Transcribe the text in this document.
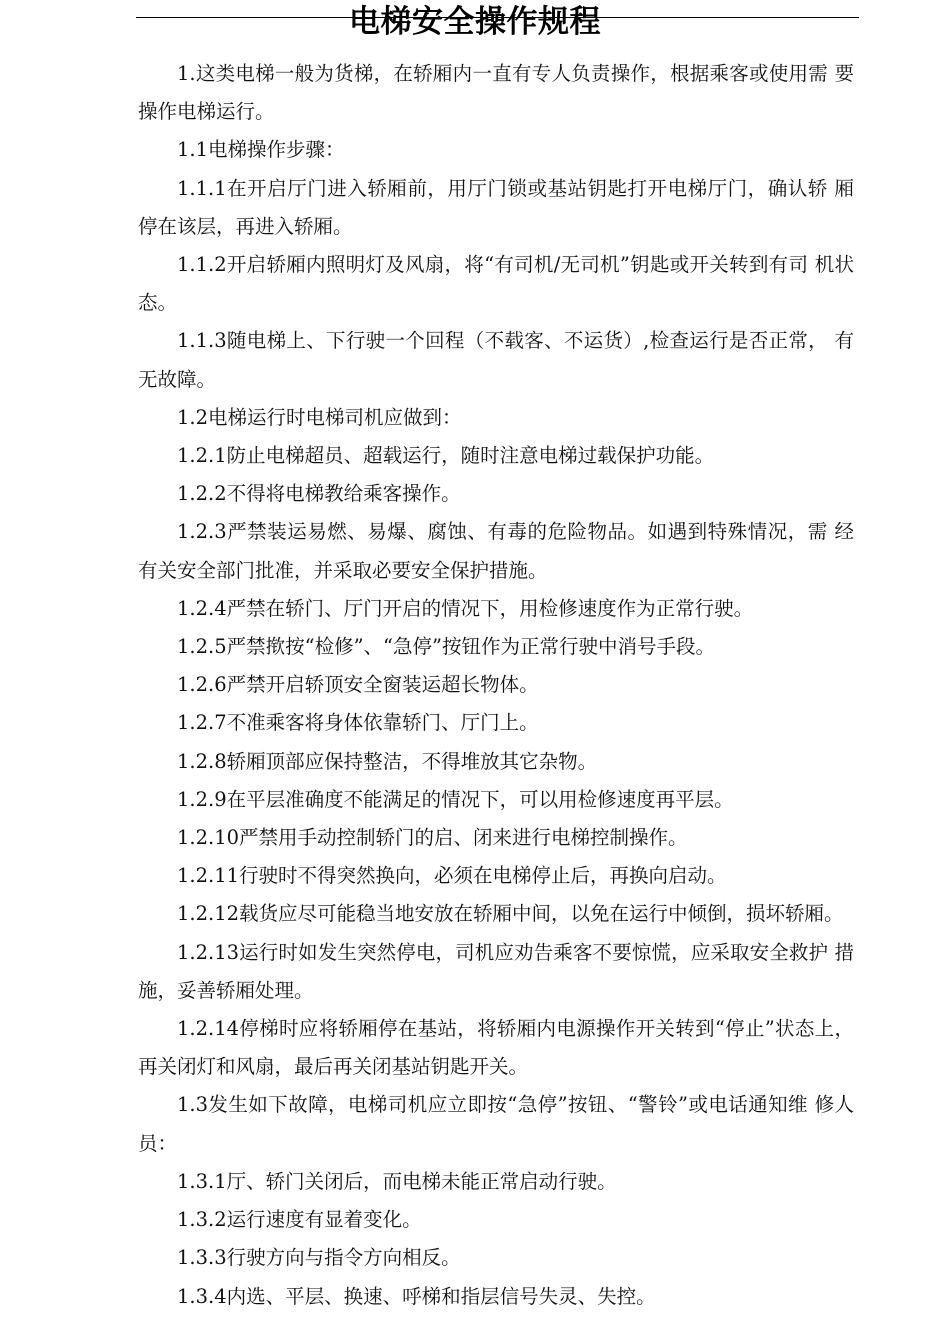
电梯安全操作规程

1.这类电梯一般为货梯，在轿厢内一直有专人负责操作，根据乘客或使用需 要操作电梯运行。

1.1电梯操作步骤：

1.1.1在开启厅门进入轿厢前，用厅门锁或基站钥匙打开电梯厅门，确认轿 厢停在该层，再进入轿厢。

1.1.2开启轿厢内照明灯及风扇，将“有司机/无司机”钥匙或开关转到有司 机状态。

1.1.3随电梯上、下行驶一个回程（不载客、不运货）,检查运行是否正常， 有无故障。

1.2电梯运行时电梯司机应做到：

1.2.1防止电梯超员、超载运行，随时注意电梯过载保护功能。

1.2.2不得将电梯教给乘客操作。

1.2.3严禁装运易燃、易爆、腐蚀、有毒的危险物品。如遇到特殊情况，需 经有关安全部门批准，并采取必要安全保护措施。

1.2.4严禁在轿门、厅门开启的情况下，用检修速度作为正常行驶。

1.2.5严禁揿按“检修”、“急停”按钮作为正常行驶中消号手段。

1.2.6严禁开启轿顶安全窗装运超长物体。

1.2.7不准乘客将身体依靠轿门、厅门上。

1.2.8轿厢顶部应保持整洁，不得堆放其它杂物。

1.2.9在平层准确度不能满足的情况下，可以用检修速度再平层。

1.2.10严禁用手动控制轿门的启、闭来进行电梯控制操作。

1.2.11行驶时不得突然换向，必须在电梯停止后，再换向启动。

1.2.12载货应尽可能稳当地安放在轿厢中间，以免在运行中倾倒，损坏轿厢。

1.2.13运行时如发生突然停电，司机应劝告乘客不要惊慌，应采取安全救护 措施，妥善轿厢处理。

1.2.14停梯时应将轿厢停在基站，将轿厢内电源操作开关转到“停止”状态上，再关闭灯和风扇，最后再关闭基站钥匙开关。

1.3发生如下故障，电梯司机应立即按“急停”按钮、“警铃”或电话通知维 修人员：

1.3.1厅、轿门关闭后，而电梯未能正常启动行驶。

1.3.2运行速度有显着变化。

1.3.3行驶方向与指令方向相反。

1.3.4内选、平层、换速、呼梯和指层信号失灵、失控。
